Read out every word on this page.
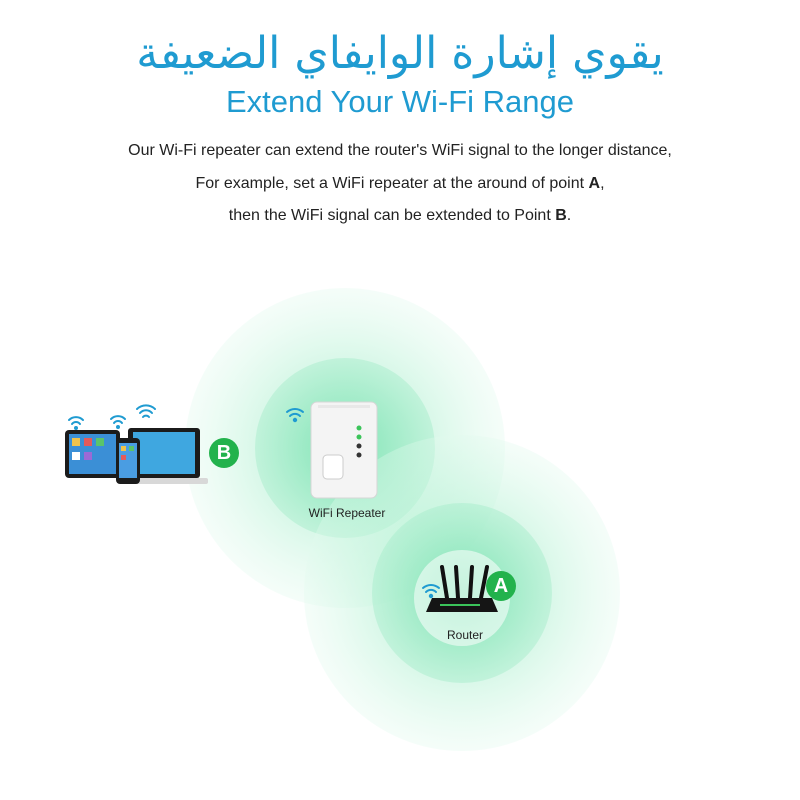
يقوي إشارة الوايفاي الضعيفة
Extend Your Wi-Fi Range
Our Wi-Fi repeater can extend the router's WiFi signal to the longer distance,
For example, set a WiFi repeater at the around of point A,
then the WiFi signal can be extended to Point B.
B
A
WiFi Repeater
Router
